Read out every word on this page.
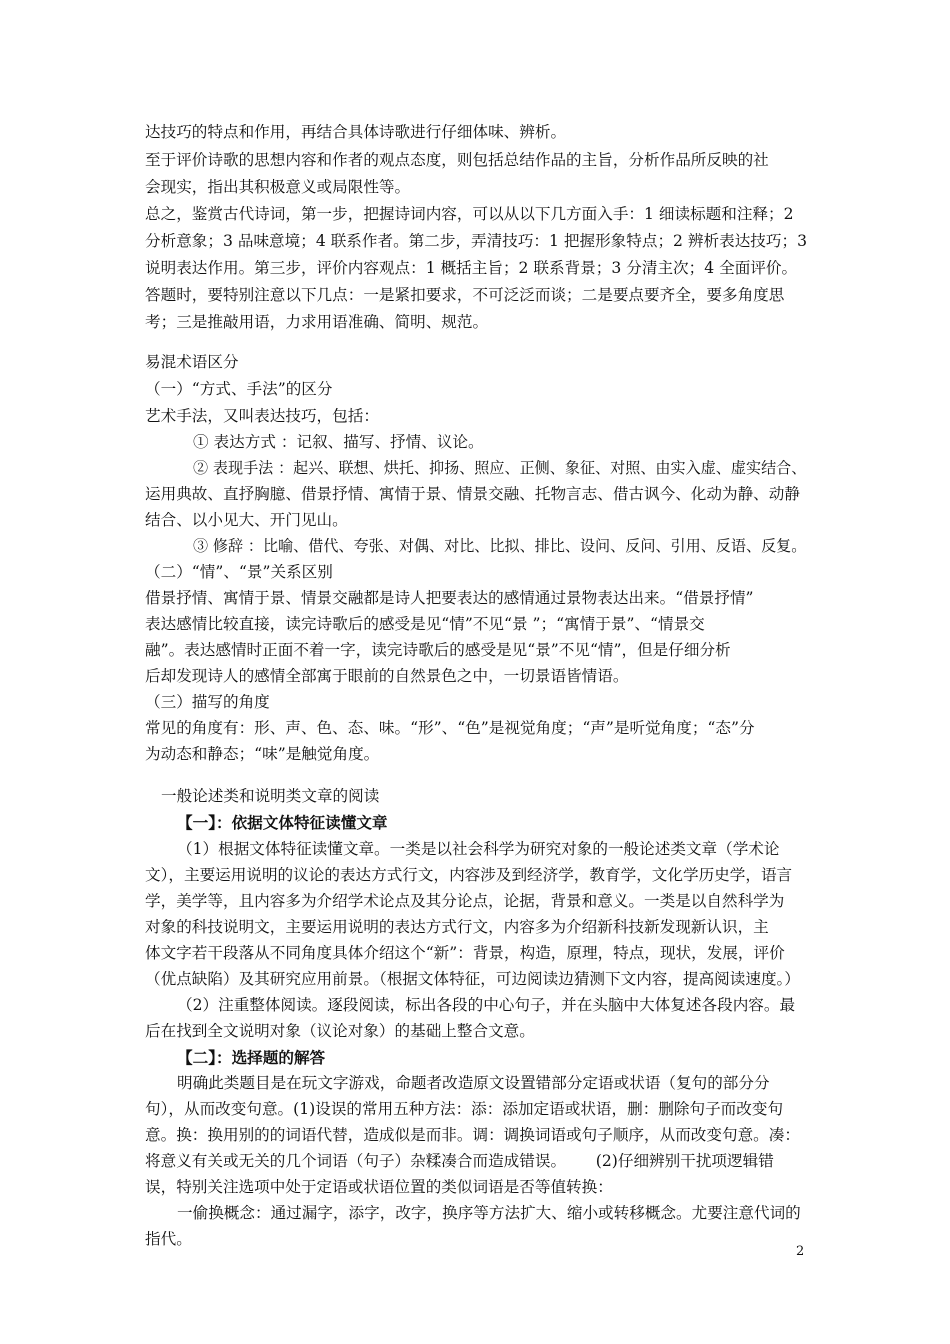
达技巧的特点和作用，再结合具体诗歌进行仔细体味、辨析。
至于评价诗歌的思想内容和作者的观点态度，则包括总结作品的主旨，分析作品所反映的社
会现实，指出其积极意义或局限性等。
总之，鉴赏古代诗词，第一步，把握诗词内容，可以从以下几方面入手：1 细读标题和注释；2
分析意象；3 品味意境；4 联系作者。第二步，弄清技巧：1 把握形象特点；2 辨析表达技巧；3
说明表达作用。第三步，评价内容观点：1 概括主旨；2 联系背景；3 分清主次；4 全面评价。
答题时，要特别注意以下几点：一是紧扣要求，不可泛泛而谈；二是要点要齐全，要多角度思
考；三是推敲用语，力求用语准确、简明、规范。
易混术语区分
（一）“方式、手法”的区分
艺术手法，又叫表达技巧，包括：
① 表达方式 ：记叙、描写、抒情、议论。
② 表现手法 ：起兴、联想、烘托、抑扬、照应、正侧、象征、对照、由实入虚、虚实结合、
运用典故、直抒胸臆、借景抒情、寓情于景、情景交融、托物言志、借古讽今、化动为静、动静
结合、以小见大、开门见山。
③ 修辞 ：比喻、借代、夸张、对偶、对比、比拟、排比、设问、反问、引用、反语、反复。
（二）“情”、“景”关系区别
借景抒情、寓情于景、情景交融都是诗人把要表达的感情通过景物表达出来。“借景抒情”
表达感情比较直接，读完诗歌后的感受是见“情”不见“景 ”；“寓情于景”、“情景交
融”。表达感情时正面不着一字，读完诗歌后的感受是见“景”不见“情”，但是仔细分析
后却发现诗人的感情全部寓于眼前的自然景色之中，一切景语皆情语。
（三）描写的角度
常见的角度有：形、声、色、态、味。“形”、“色”是视觉角度；“声”是听觉角度；“态”分
为动态和静态；“味”是触觉角度。
一般论述类和说明类文章的阅读
【一】：依据文体特征读懂文章
（1）根据文体特征读懂文章。一类是以社会科学为研究对象的一般论述类文章（学术论
文），主要运用说明的议论的表达方式行文，内容涉及到经济学，教育学，文化学历史学，语言
学，美学等，且内容多为介绍学术论点及其分论点，论据，背景和意义。一类是以自然科学为
对象的科技说明文，主要运用说明的表达方式行文，内容多为介绍新科技新发现新认识，主
体文字若干段落从不同角度具体介绍这个“新”：背景，构造，原理，特点，现状，发展，评价
（优点缺陷）及其研究应用前景。（根据文体特征，可边阅读边猜测下文内容，提高阅读速度。）
（2）注重整体阅读。逐段阅读，标出各段的中心句子，并在头脑中大体复述各段内容。最
后在找到全文说明对象（议论对象）的基础上整合文意。
【二】：选择题的解答
明确此类题目是在玩文字游戏，命题者改造原文设置错部分定语或状语（复句的部分分
句），从而改变句意。(1)设误的常用五种方法：添：添加定语或状语，删：删除句子而改变句
意。换：换用别的的词语代替，造成似是而非。调：调换词语或句子顺序，从而改变句意。凑：
将意义有关或无关的几个词语（句子）杂糅凑合而造成错误。      (2)仔细辨别干扰项逻辑错
误，特别关注选项中处于定语或状语位置的类似词语是否等值转换：
一偷换概念：通过漏字，添字，改字，换序等方法扩大、缩小或转移概念。尤要注意代词的
指代。
2
